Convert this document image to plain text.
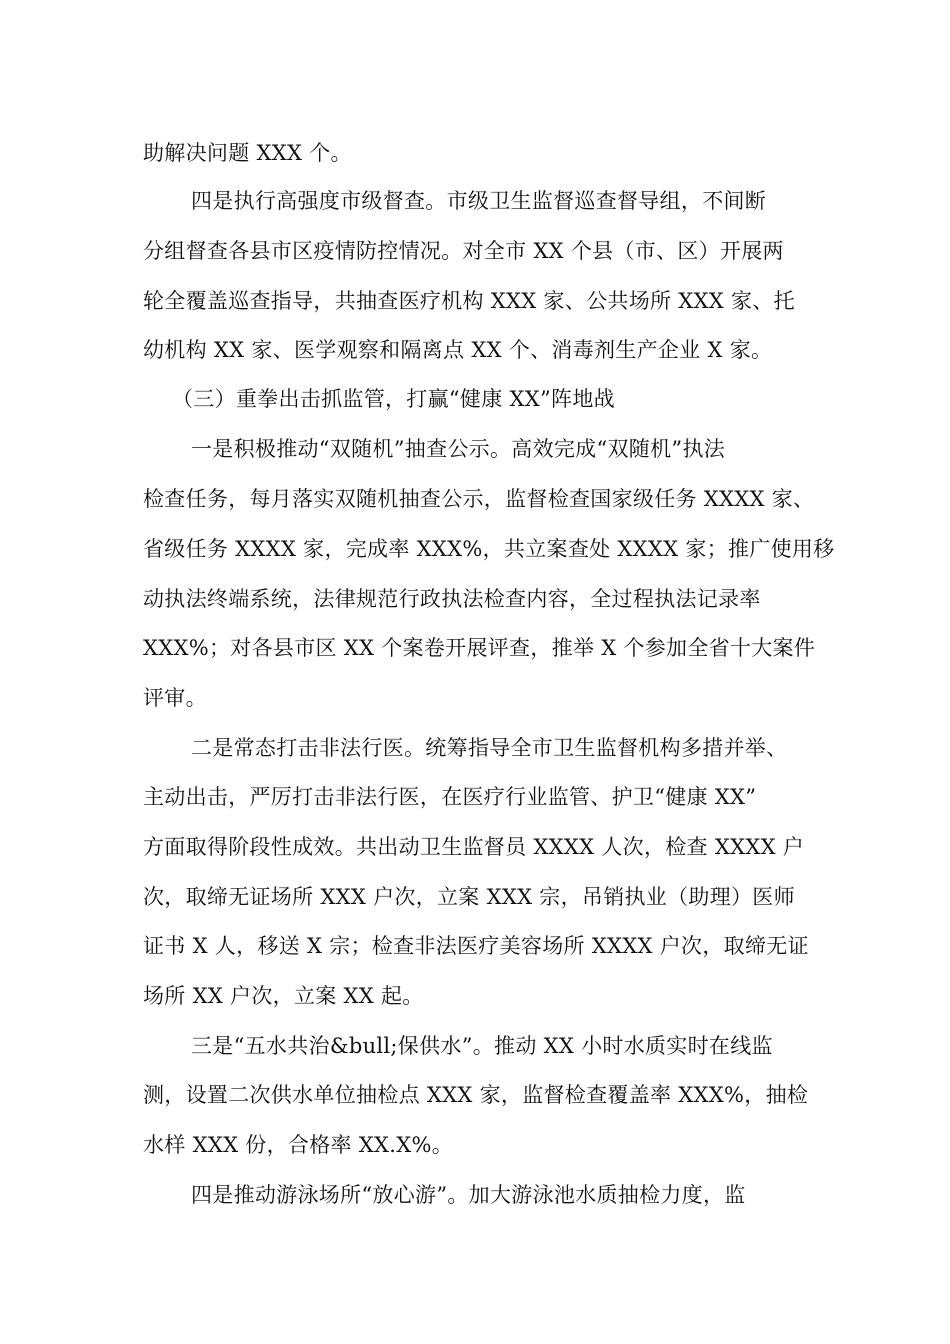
助解决问题 XXX 个。
四是执行高强度市级督查。市级卫生监督巡查督导组，不间断
分组督查各县市区疫情防控情况。对全市 XX 个县（市、区）开展两
轮全覆盖巡查指导，共抽查医疗机构 XXX 家、公共场所 XXX 家、托
幼机构 XX 家、医学观察和隔离点 XX 个、消毒剂生产企业 X 家。
（三）重拳出击抓监管，打赢“健康 XX”阵地战
一是积极推动“双随机”抽查公示。高效完成“双随机”执法
检查任务，每月落实双随机抽查公示，监督检查国家级任务 XXXX 家、
省级任务 XXXX 家，完成率 XXX%，共立案查处 XXXX 家；推广使用移
动执法终端系统，法律规范行政执法检查内容，全过程执法记录率
XXX%；对各县市区 XX 个案卷开展评查，推举 X 个参加全省十大案件
评审。
二是常态打击非法行医。统筹指导全市卫生监督机构多措并举、
主动出击，严厉打击非法行医，在医疗行业监管、护卫“健康 XX”
方面取得阶段性成效。共出动卫生监督员 XXXX 人次，检查 XXXX 户
次，取缔无证场所 XXX 户次，立案 XXX 宗，吊销执业（助理）医师
证书 X 人，移送 X 宗；检查非法医疗美容场所 XXXX 户次，取缔无证
场所 XX 户次，立案 XX 起。
三是“五水共治&bull;保供水”。推动 XX 小时水质实时在线监
测，设置二次供水单位抽检点 XXX 家，监督检查覆盖率 XXX%，抽检
水样 XXX 份，合格率 XX.X%。
四是推动游泳场所“放心游”。加大游泳池水质抽检力度，监
